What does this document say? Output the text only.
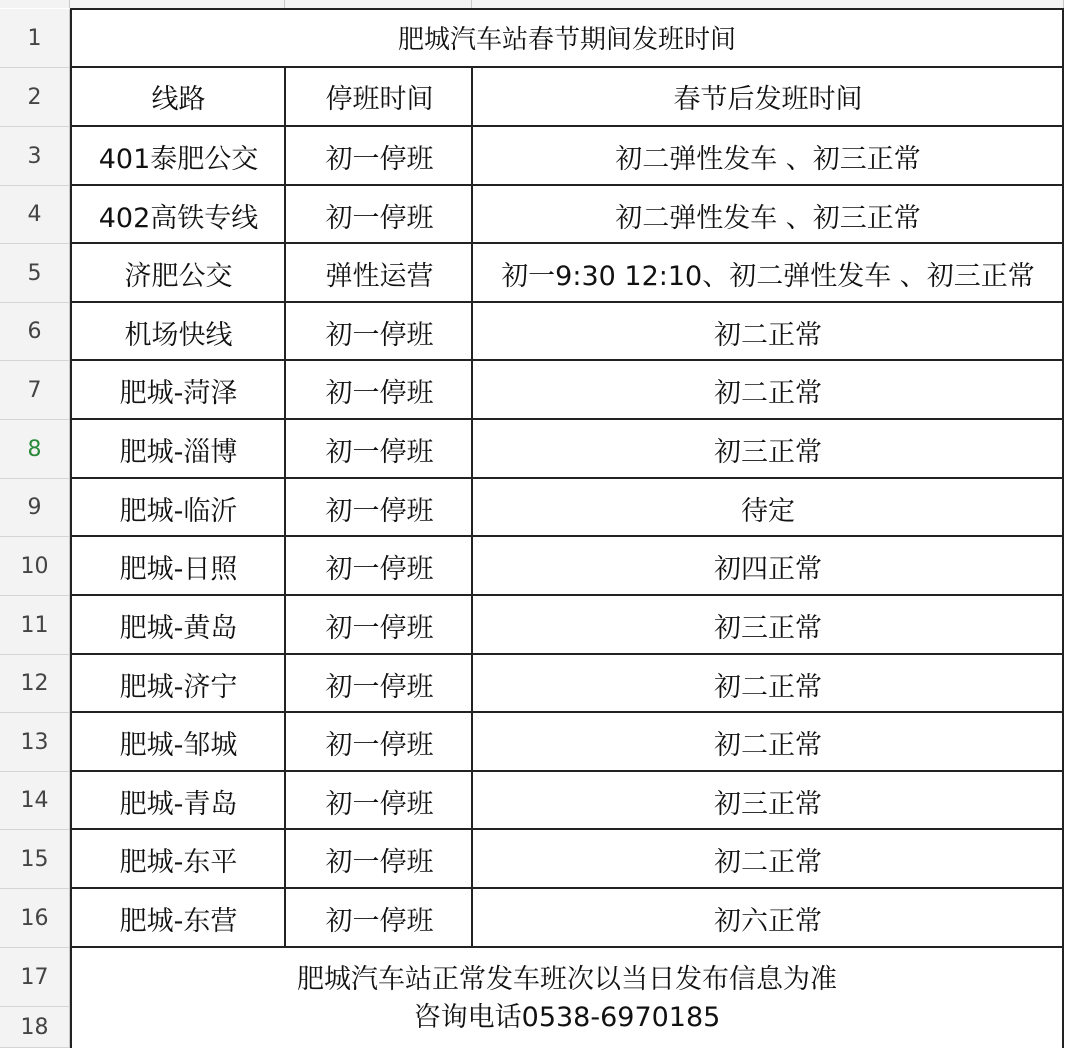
肥城汽车站春节期间发班时间
线路	停班时间	春节后发班时间
肥城汽车站正常发车班次以当日发布信息为准
咨询电话0538-6970185
1
2
3
4
5
6
7
8
9
10
11
12
13
14
15
16
17
18
401泰肥公交	初一停班	初二弹性发车 、初三正常
402高铁专线	初一停班	初二弹性发车 、初三正常
济肥公交	弹性运营	初一9:30 12:10、初二弹性发车 、初三正常
机场快线	初一停班	初二正常
肥城-菏泽	初一停班	初二正常
肥城-淄博	初一停班	初三正常
肥城-临沂	初一停班	待定
肥城-日照	初一停班	初四正常
肥城-黄岛	初一停班	初三正常
肥城-济宁	初一停班	初二正常
肥城-邹城	初一停班	初二正常
肥城-青岛	初一停班	初三正常
肥城-东平	初一停班	初二正常
肥城-东营	初一停班	初六正常
